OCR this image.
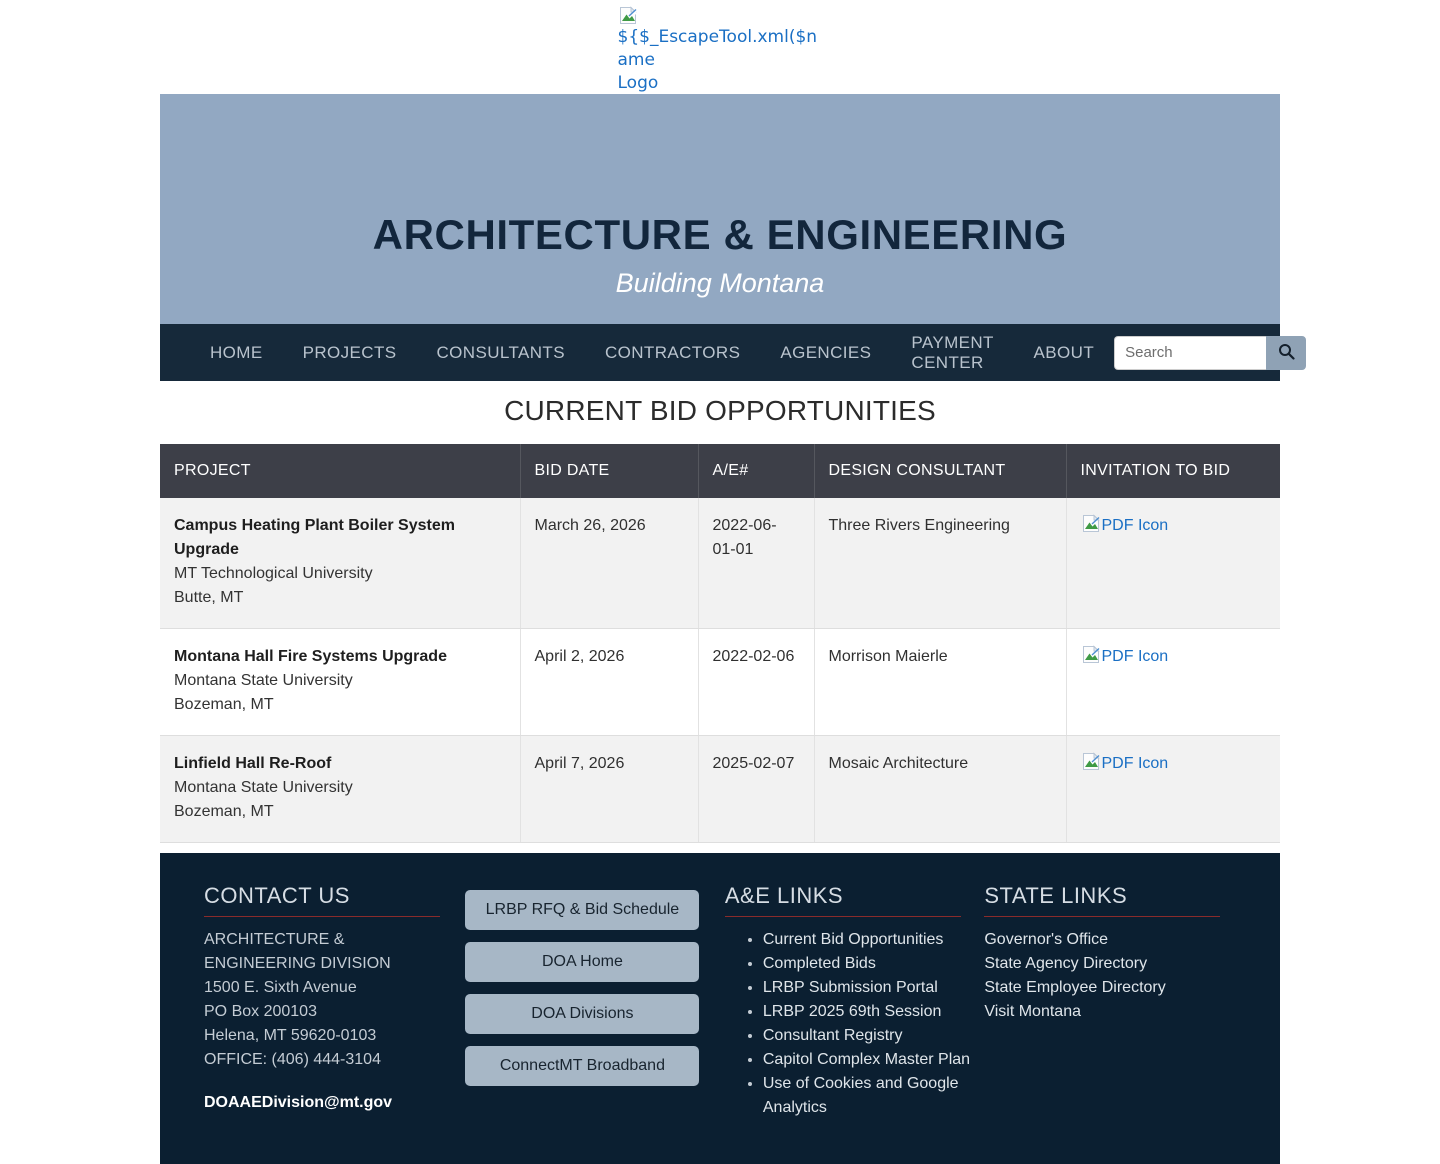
${$_EscapeTool.xml($name
Logo
ARCHITECTURE & ENGINEERING
Building Montana
HOME	PROJECTS	CONSULTANTS	CONTRACTORS	AGENCIES
PAYMENT CENTER
ABOUT
Search
CURRENT BID OPPORTUNITIES
PROJECT	BID DATE	A/E#	DESIGN CONSULTANT	INVITATION TO BID

Campus Heating Plant Boiler System Upgrade
MT Technological University
Butte, MT	March 26, 2026	2022-06-01-01	Three Rivers Engineering	PDF Icon

Montana Hall Fire Systems Upgrade
Montana State University
Bozeman, MT	April 2, 2026	2022-02-06	Morrison Maierle	PDF Icon

Linfield Hall Re-Roof
Montana State University
Bozeman, MT	April 7, 2026	2025-02-07	Mosaic Architecture	PDF Icon
CONTACT US
ARCHITECTURE &
ENGINEERING DIVISION
1500 E. Sixth Avenue
PO Box 200103
Helena, MT 59620-0103
OFFICE: (406) 444-3104
DOAAEDivision@mt.gov
LRBP RFQ & Bid Schedule
DOA Home
DOA Divisions
ConnectMT Broadband
A&E LINKS
• Current Bid Opportunities
• Completed Bids
• LRBP Submission Portal
• LRBP 2025 69th Session
• Consultant Registry
• Capitol Complex Master Plan
• Use of Cookies and Google Analytics
STATE LINKS
Governor's Office
State Agency Directory
State Employee Directory
Visit Montana
